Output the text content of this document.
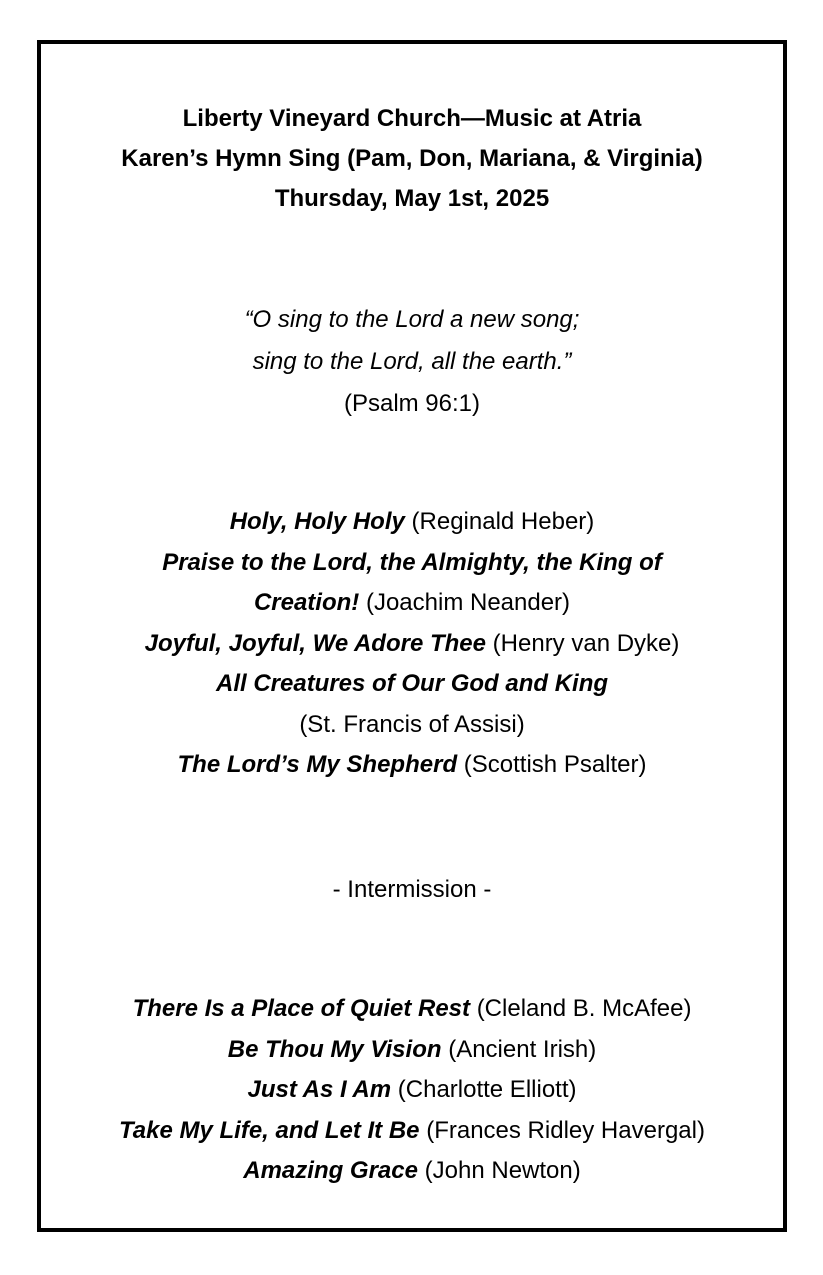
Liberty Vineyard Church—Music at Atria
Karen’s Hymn Sing (Pam, Don, Mariana, & Virginia)
Thursday, May 1st, 2025
“O sing to the Lord a new song;
sing to the Lord, all the earth.”
(Psalm 96:1)
Holy, Holy Holy (Reginald Heber)
Praise to the Lord, the Almighty, the King of
Creation! (Joachim Neander)
Joyful, Joyful, We Adore Thee (Henry van Dyke)
All Creatures of Our God and King
(St. Francis of Assisi)
The Lord’s My Shepherd (Scottish Psalter)
- Intermission -
There Is a Place of Quiet Rest (Cleland B. McAfee)
Be Thou My Vision (Ancient Irish)
Just As I Am (Charlotte Elliott)
Take My Life, and Let It Be (Frances Ridley Havergal)
Amazing Grace (John Newton)
